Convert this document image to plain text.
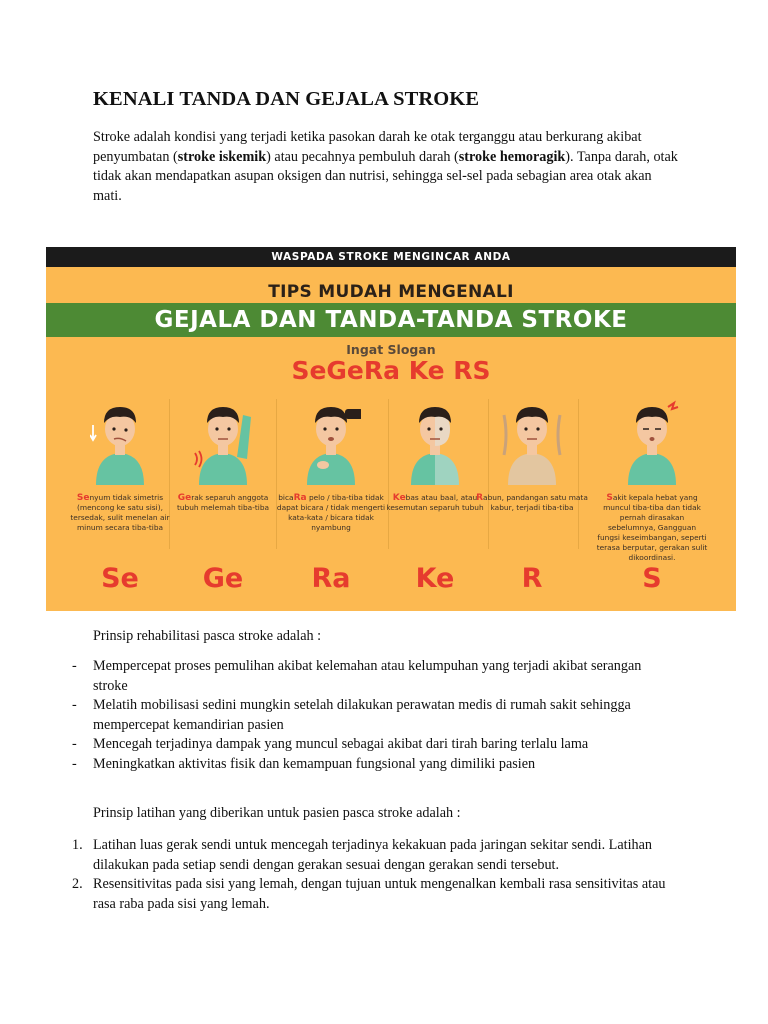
KENALI TANDA DAN GEJALA STROKE

Stroke adalah kondisi yang terjadi ketika pasokan darah ke otak terganggu atau berkurang akibat penyumbatan (stroke iskemik) atau pecahnya pembuluh darah (stroke hemoragik). Tanpa darah, otak tidak akan mendapatkan asupan oksigen dan nutrisi, sehingga sel-sel pada sebagian area otak akan mati.

WASPADA STROKE MENGINCAR ANDA
TIPS MUDAH MENGENALI
GEJALA DAN TANDA-TANDA STROKE
Ingat Slogan
SeGeRa Ke RS
Senyum tidak simetris (mencong ke satu sisi), tersedak, sulit menelan air minum secara tiba-tiba
Se
Gerak separuh anggota tubuh melemah tiba-tiba
Ge
bicaRa pelo / tiba-tiba tidak dapat bicara / tidak mengerti kata-kata / bicara tidak nyambung
Ra
Kebas atau baal, atau kesemutan separuh tubuh
Ke
Rabun, pandangan satu mata kabur, terjadi tiba-tiba
R
Sakit kepala hebat yang muncul tiba-tiba dan tidak pernah dirasakan sebelumnya, Gangguan fungsi keseimbangan, seperti terasa berputar, gerakan sulit dikoordinasi.
S

Prinsip rehabilitasi pasca stroke adalah :

- Mempercepat proses pemulihan akibat kelemahan atau kelumpuhan yang terjadi akibat serangan stroke
- Melatih mobilisasi sedini mungkin setelah dilakukan perawatan medis di rumah sakit sehingga mempercepat kemandirian pasien
- Mencegah terjadinya dampak yang muncul sebagai akibat dari tirah baring terlalu lama
- Meningkatkan aktivitas fisik dan kemampuan fungsional yang dimiliki pasien

Prinsip latihan yang diberikan untuk pasien pasca stroke adalah :

1. Latihan luas gerak sendi untuk mencegah terjadinya kekakuan pada jaringan sekitar sendi. Latihan dilakukan pada setiap sendi dengan gerakan sesuai dengan gerakan sendi tersebut.
2. Resensitivitas pada sisi yang lemah, dengan tujuan untuk mengenalkan kembali rasa sensitivitas atau rasa raba pada sisi yang lemah.
